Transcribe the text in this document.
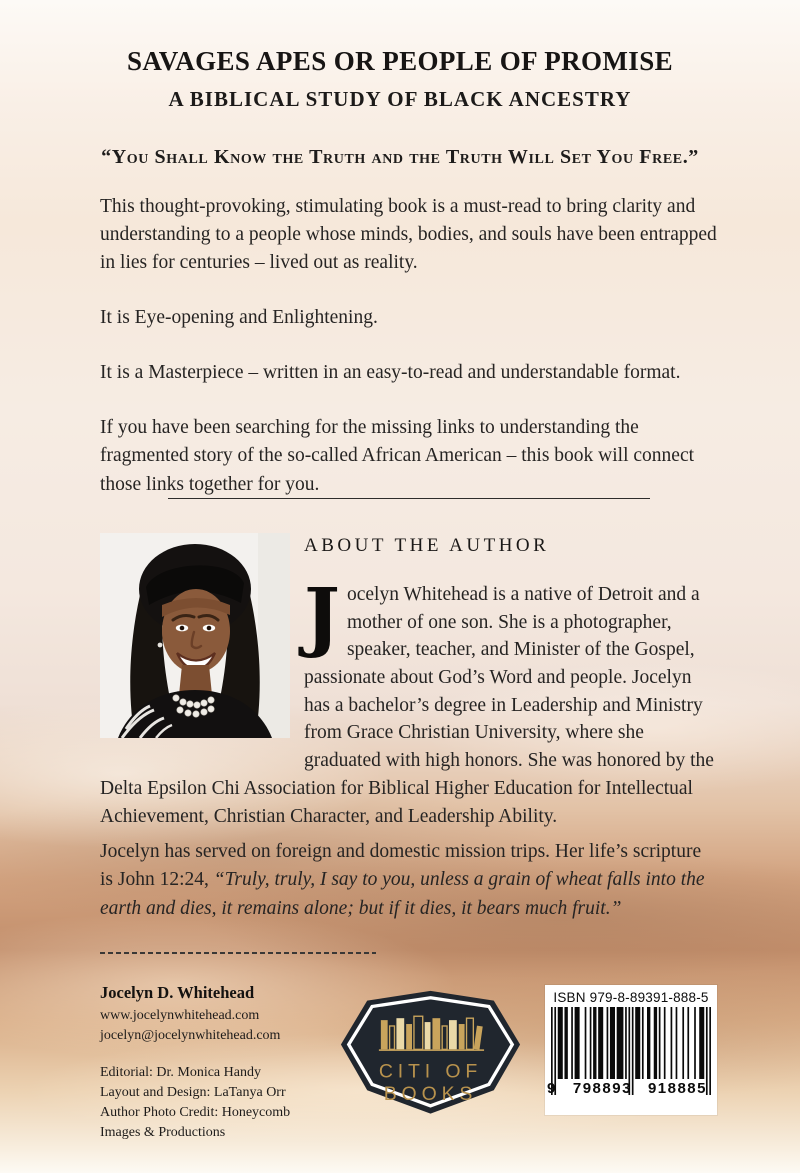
SAVAGES APES OR PEOPLE OF PROMISE
A BIBLICAL STUDY OF BLACK ANCESTRY
“You Shall Know the Truth and the Truth Will Set You Free.”

This thought-provoking, stimulating book is a must-read to bring clarity and understanding to a people whose minds, bodies, and souls have been entrapped in lies for centuries – lived out as reality.

It is Eye-opening and Enlightening.

It is a Masterpiece – written in an easy-to-read and understandable format.

If you have been searching for the missing links to understanding the fragmented story of the so-called African American – this book will connect those links together for you.

ABOUT THE AUTHOR

Jocelyn Whitehead is a native of Detroit and a mother of one son. She is a photographer, speaker, teacher, and Minister of the Gospel, passionate about God’s Word and people. Jocelyn has a bachelor’s degree in Leadership and Ministry from Grace Christian University, where she graduated with high honors. She was honored by the Delta Epsilon Chi Association for Biblical Higher Education for Intellectual Achievement, Christian Character, and Leadership Ability.

Jocelyn has served on foreign and domestic mission trips. Her life’s scripture is John 12:24, “Truly, truly, I say to you, unless a grain of wheat falls into the earth and dies, it remains alone; but if it dies, it bears much fruit.”

Jocelyn D. Whitehead

www.jocelynwhitehead.com

jocelyn@jocelynwhitehead.com

Editorial: Dr. Monica Handy

Layout and Design: LaTanya Orr

Author Photo Credit: Honeycomb

Images & Productions

CITI OF
BOOKS
ISBN 979-8-89391-888-5
9 798893 918885
